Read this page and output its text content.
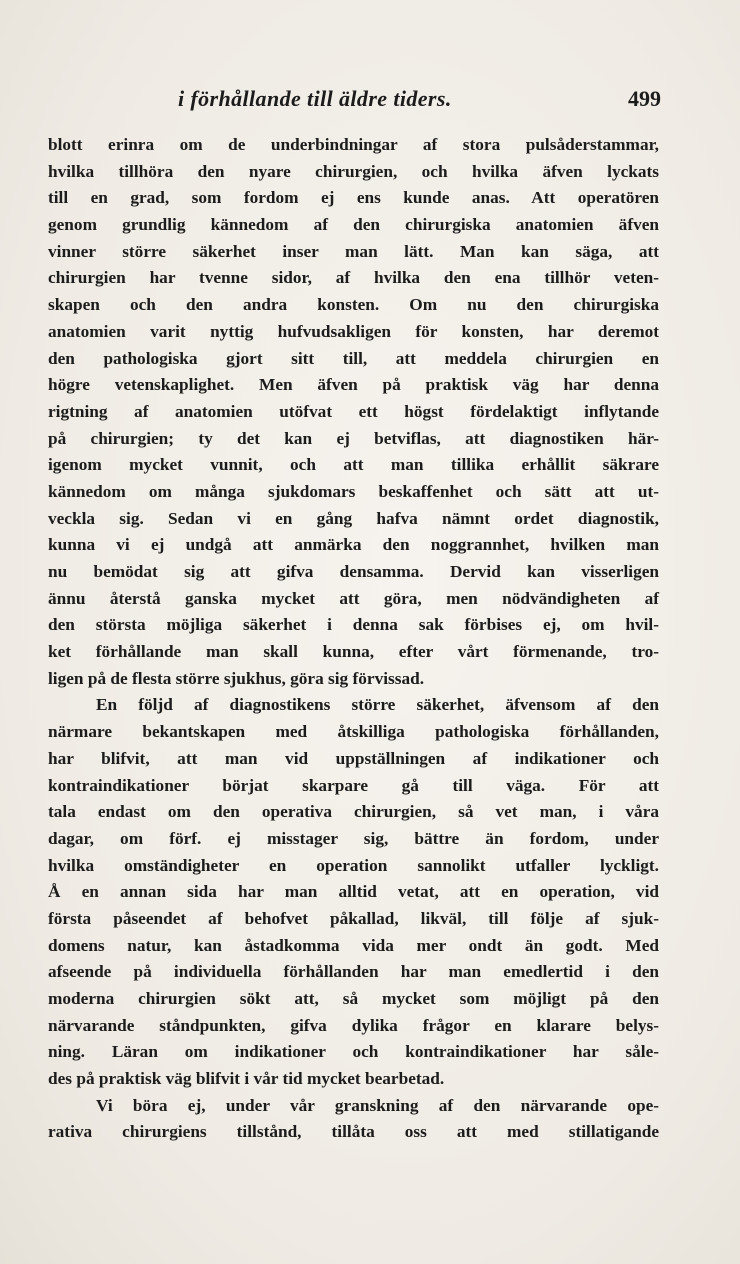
i förhållande till äldre tiders.	499
blott erinra om de underbindningar af stora pulsåderstammar,
hvilka tillhöra den nyare chirurgien, och hvilka äfven lyckats
till en grad, som fordom ej ens kunde anas. Att operatören
genom grundlig kännedom af den chirurgiska anatomien äfven
vinner större säkerhet inser man lätt. Man kan säga, att
chirurgien har tvenne sidor, af hvilka den ena tillhör veten-
skapen och den andra konsten. Om nu den chirurgiska
anatomien varit nyttig hufvudsakligen för konsten, har deremot
den pathologiska gjort sitt till, att meddela chirurgien en
högre vetenskaplighet. Men äfven på praktisk väg har denna
rigtning af anatomien utöfvat ett högst fördelaktigt inflytande
på chirurgien; ty det kan ej betviflas, att diagnostiken här-
igenom mycket vunnit, och att man tillika erhållit säkrare
kännedom om många sjukdomars beskaffenhet och sätt att ut-
veckla sig. Sedan vi en gång hafva nämnt ordet diagnostik,
kunna vi ej undgå att anmärka den noggrannhet, hvilken man
nu bemödat sig att gifva densamma. Dervid kan visserligen
ännu återstå ganska mycket att göra, men nödvändigheten af
den största möjliga säkerhet i denna sak förbises ej, om hvil-
ket förhållande man skall kunna, efter vårt förmenande, tro-
ligen på de flesta större sjukhus, göra sig förvissad.
En följd af diagnostikens större säkerhet, äfvensom af den
närmare bekantskapen med åtskilliga pathologiska förhållanden,
har blifvit, att man vid uppställningen af indikationer och
kontraindikationer börjat skarpare gå till väga. För att
tala endast om den operativa chirurgien, så vet man, i våra
dagar, om förf. ej misstager sig, bättre än fordom, under
hvilka omständigheter en operation sannolikt utfaller lyckligt.
Å en annan sida har man alltid vetat, att en operation, vid
första påseendet af behofvet påkallad, likväl, till följe af sjuk-
domens natur, kan åstadkomma vida mer ondt än godt. Med
afseende på individuella förhållanden har man emedlertid i den
moderna chirurgien sökt att, så mycket som möjligt på den
närvarande ståndpunkten, gifva dylika frågor en klarare belys-
ning. Läran om indikationer och kontraindikationer har såle-
des på praktisk väg blifvit i vår tid mycket bearbetad.
Vi böra ej, under vår granskning af den närvarande ope-
rativa chirurgiens tillstånd, tillåta oss att med stillatigande
